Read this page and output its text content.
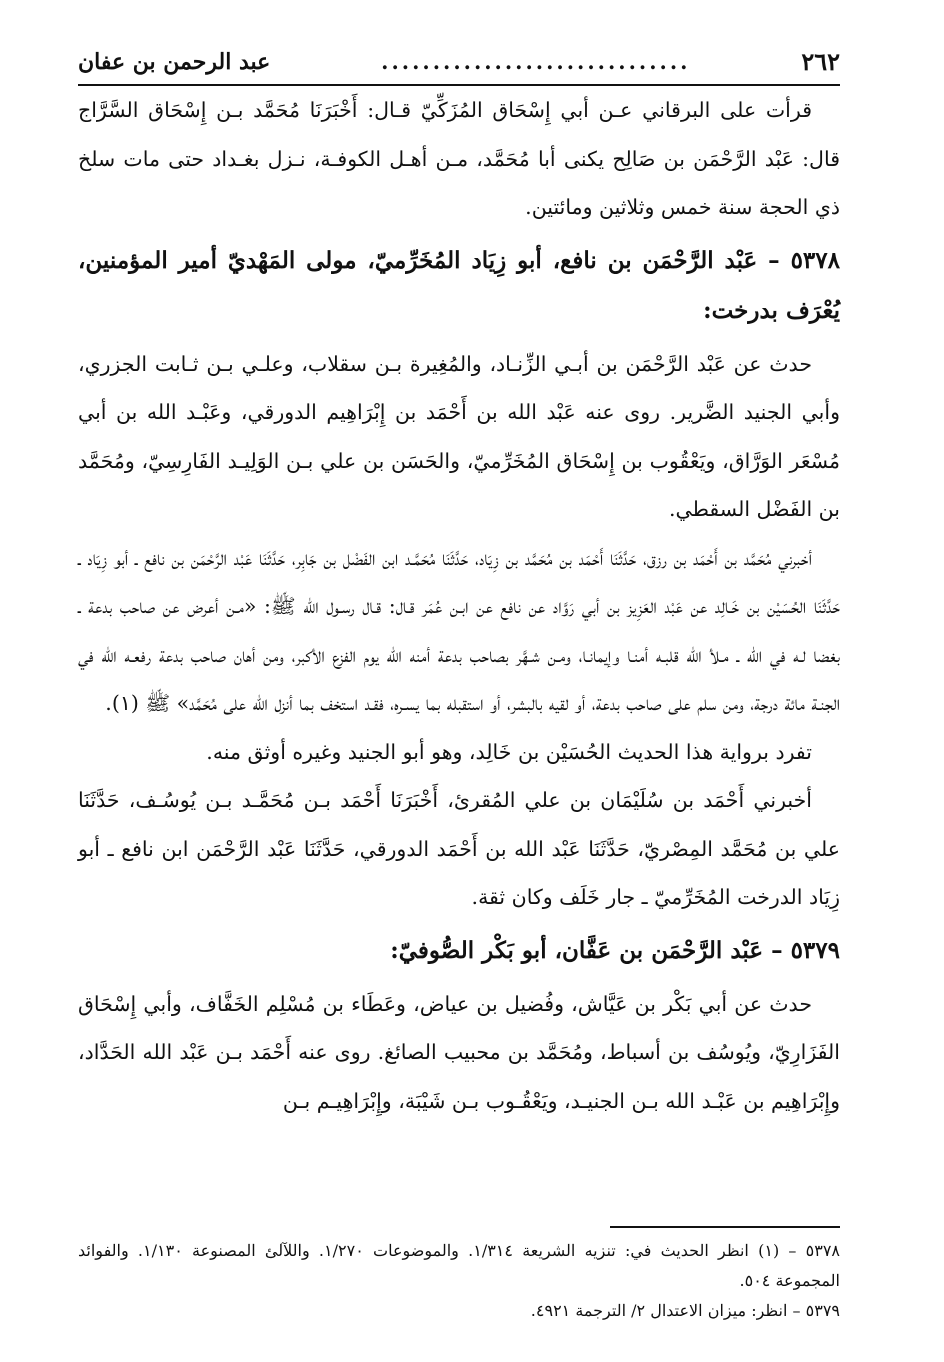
٢٦٢
..............................
عبد الرحمن بن عفان

قرأت على البرقاني عـن أبي إِسْحَاق المُزَكِّيّ قـال: أَخْبَرَنَا مُحَمَّد بـن إِسْحَاق السَّرَّاج قال: عَبْد الرَّحْمَن بن صَالِح يكنى أبا مُحَمَّد، مـن أهـل الكوفـة، نـزل بغـداد حتى مات سلخ ذي الحجة سنة خمس وثلاثين ومائتين.

٥٣٧٨ – عَبْد الرَّحْمَن بن نافع، أبو زِيَاد المُخَرِّميّ، مولى المَهْديّ أمير المؤمنين، يُعْرَف بدرخت:

حدث عن عَبْد الرَّحْمَن بن أبـي الزِّنـاد، والمُغِيرة بـن سقلاب، وعلـي بـن ثـابت الجزري، وأبي الجنيد الضَّرير. روى عنه عَبْد الله بن أَحْمَد بن إِبْرَاهِيم الدورقي، وعَبْـد الله بن أبي مُسْعَر الوَرَّاق، ويَعْقُوب بن إِسْحَاق المُخَرِّميّ، والحَسَن بن علي بـن الوَلِيـد الفَارِسِيّ، ومُحَمَّد بن الفَضْل السقطي.

أخبرني مُحَمَّد بن أَحْمَد بن رزق، حَدَّثَنَا أَحْمَد بن مُحَمَّد بن زِيَاد، حَدَّثَنَا مُحَمَّـد ابن الفَضْل بن جَابِر، حَدَّثَنَا عَبْد الرَّحْمَن بن نافع ـ أبو زِيَاد ـ حَدَّثَنَا الحُسَيْن بن خَـالِد عن عَبْد العَزِيز بن أبي رَوَّاد عن نافع عن ابـن عُمَر قـال: قـال رسـول الله ﷺ: «مـن أعرض عن صاحب بدعة ـ بغضا لـه في الله ـ مـلأ الله قلبـه أمنـا وإيمانـا، ومـن شـهَّر بصاحب بدعة أمنه الله يوم الفزع الأكبر، ومن أهان صاحب بدعة رفعـه الله في الجنـة مائة درجة، ومن سلم على صاحب بدعة، أو لقيه بالبشر، أو استقبله بما يسـره، فقـد استخف بما أنزل الله على مُحَمَّد» ﷺ (١).

تفرد برواية هذا الحديث الحُسَيْن بن خَالِد، وهو أبو الجنيد وغيره أوثق منه.

أخبرني أَحْمَد بن سُلَيْمَان بن علي المُقرئ، أَخْبَرَنَا أَحْمَد بـن مُحَمَّـد بـن يُوسُـف، حَدَّثَنَا علي بن مُحَمَّد المِصْريّ، حَدَّثَنَا عَبْد الله بن أَحْمَد الدورقي، حَدَّثَنَا عَبْد الرَّحْمَن ابن نافع ـ أبو زِيَاد الدرخت المُخَرِّميّ ـ جار خَلَف وكان ثقة.

٥٣٧٩ – عَبْد الرَّحْمَن بن عَفَّان، أبو بَكْر الصُّوفيّ:

حدث عن أبي بَكْر بن عَيَّاش، وفُضيل بن عياض، وعَطَاء بن مُسْلِم الخَفَّاف، وأبي إِسْحَاق الفَزَارِيّ، ويُوسُف بن أسباط، ومُحَمَّد بن محبيب الصائغ. روى عنه أَحْمَد بـن عَبْد الله الحَدَّاد، وإِبْرَاهِيم بن عَبْـد الله بـن الجنيـد، ويَعْقُـوب بـن شَيْبَة، وإِبْرَاهِيـم بـن

٥٣٧٨ – (١) انظر الحديث في: تنزيه الشريعة ١/٣١٤. والموضوعات ١/٢٧٠. واللآلئ المصنوعة ١/١٣٠. والفوائد المجموعة ٥٠٤.

٥٣٧٩ – انظر: ميزان الاعتدال ٢/ الترجمة ٤٩٢١.
